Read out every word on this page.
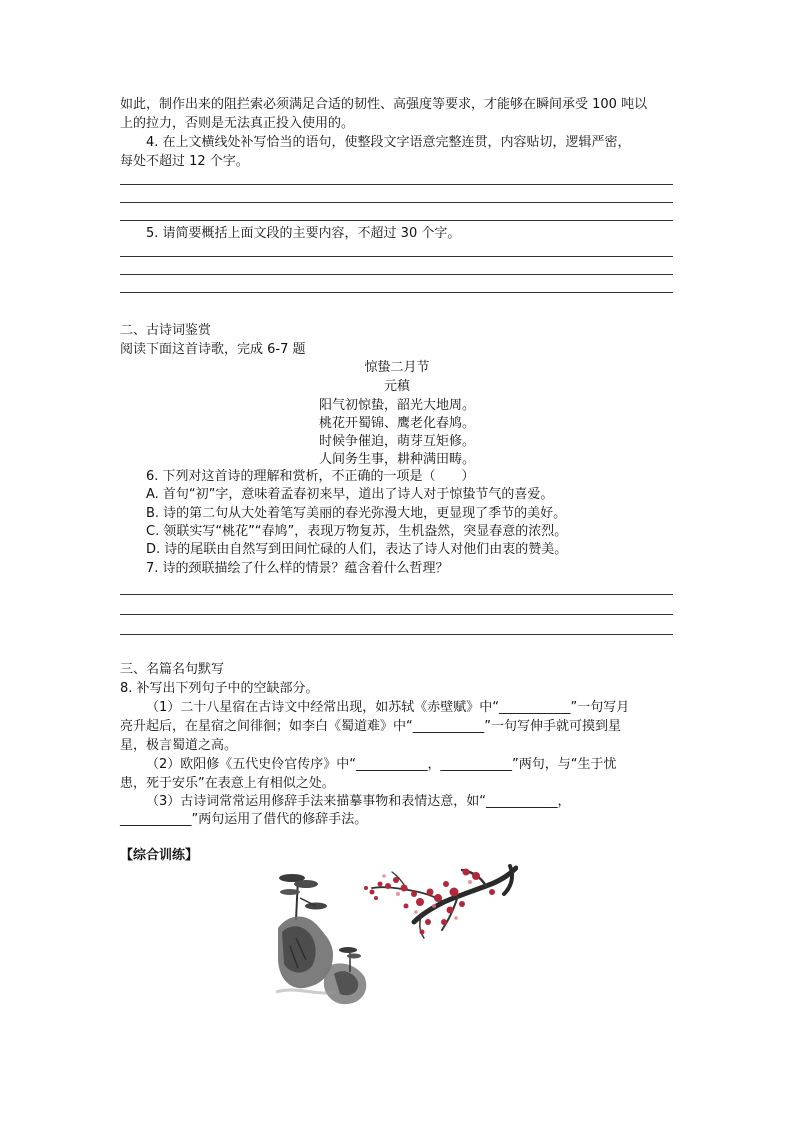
如此，制作出来的阻拦索必须满足合适的韧性、高强度等要求，才能够在瞬间承受 100 吨以
上的拉力，否则是无法真正投入使用的。
4. 在上文横线处补写恰当的语句，使整段文字语意完整连贯，内容贴切，逻辑严密，
每处不超过 12 个字。
5. 请简要概括上面文段的主要内容，不超过 30 个字。
二、古诗词鉴赏
阅读下面这首诗歌，完成 6-7 题
惊蛰二月节
元稹
阳气初惊蛰，韶光大地周。
桃花开蜀锦、鹰老化春鸠。
时候争催迫，萌芽互矩修。
人间务生事，耕种满田畴。
6. 下列对这首诗的理解和赏析，不正确的一项是（　　）
A. 首句“初”字，意味着孟春初来早，道出了诗人对于惊蛰节气的喜爱。
B. 诗的第二句从大处着笔写美丽的春光弥漫大地，更显现了季节的美好。
C. 领联实写“桃花”“春鸠”，表现万物复苏，生机盎然，突显春意的浓烈。
D. 诗的尾联由自然写到田间忙碌的人们，表达了诗人对他们由衷的赞美。
7. 诗的颈联描绘了什么样的情景？蕴含着什么哲理？
三、名篇名句默写
8. 补写出下列句子中的空缺部分。
（1）二十八星宿在古诗文中经常出现，如苏轼《赤壁赋》中“___________”一句写月
亮升起后，在星宿之间徘徊；如李白《蜀道难》中“___________”一句写伸手就可摸到星
星，极言蜀道之高。
（2）欧阳修《五代史伶官传序》中“___________，___________”两句，与“生于忧
患，死于安乐”在表意上有相似之处。
（3）古诗词常常运用修辞手法来描摹事物和表情达意，如“___________，
___________”两句运用了借代的修辞手法。
【综合训练】
